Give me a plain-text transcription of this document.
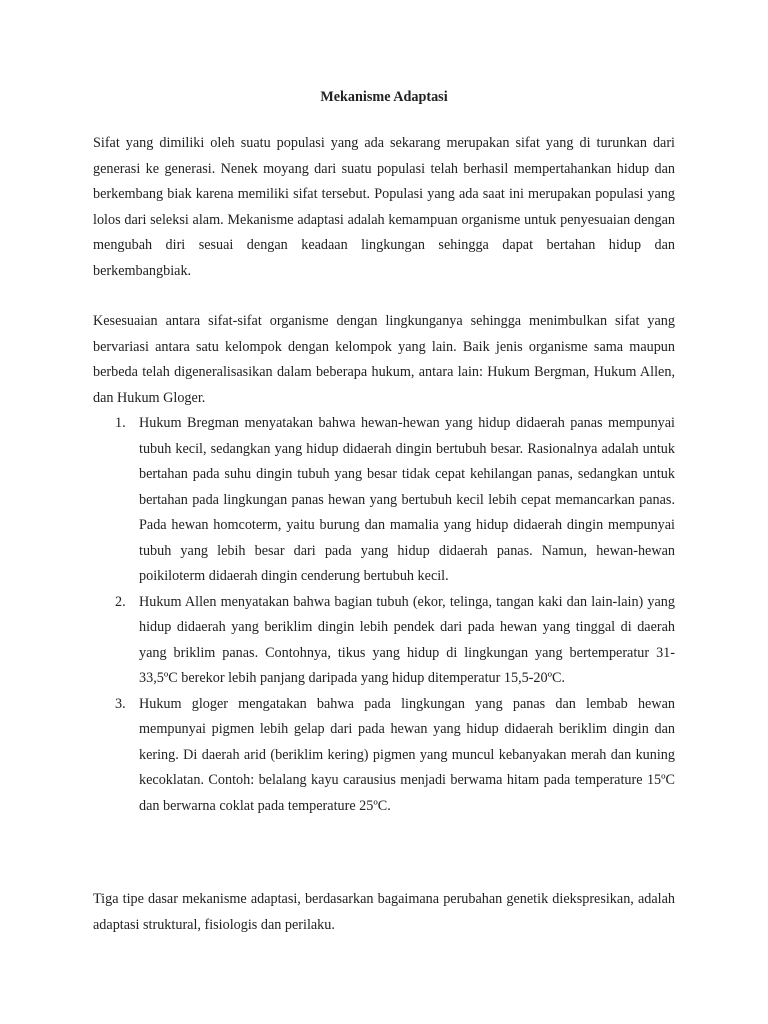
Mekanisme Adaptasi

Sifat yang dimiliki oleh suatu populasi yang ada sekarang merupakan sifat yang di turunkan dari generasi ke generasi. Nenek moyang dari suatu populasi telah berhasil mempertahankan hidup dan berkembang biak karena memiliki sifat tersebut. Populasi yang ada saat ini merupakan populasi yang lolos dari seleksi alam. Mekanisme adaptasi adalah kemampuan organisme untuk penyesuaian dengan mengubah diri sesuai dengan keadaan lingkungan sehingga dapat bertahan hidup dan berkembangbiak.

Kesesuaian antara sifat-sifat organisme dengan lingkunganya sehingga menimbulkan sifat yang bervariasi antara satu kelompok dengan kelompok yang lain. Baik jenis organisme sama maupun berbeda telah digeneralisasikan dalam beberapa hukum, antara lain: Hukum Bergman, Hukum Allen, dan Hukum Gloger.

1. Hukum Bregman menyatakan bahwa hewan-hewan yang hidup didaerah panas mempunyai tubuh kecil, sedangkan yang hidup didaerah dingin bertubuh besar. Rasionalnya adalah untuk bertahan pada suhu dingin tubuh yang besar tidak cepat kehilangan panas, sedangkan untuk bertahan pada lingkungan panas hewan yang bertubuh kecil lebih cepat memancarkan panas. Pada hewan homcoterm, yaitu burung dan mamalia yang hidup didaerah dingin mempunyai tubuh yang lebih besar dari pada yang hidup didaerah panas. Namun, hewan-hewan poikiloterm didaerah dingin cenderung bertubuh kecil.
2. Hukum Allen menyatakan bahwa bagian tubuh (ekor, telinga, tangan kaki dan lain-lain) yang hidup didaerah yang beriklim dingin lebih pendek dari pada hewan yang tinggal di daerah yang briklim panas. Contohnya, tikus yang hidup di lingkungan yang bertemperatur 31-33,5ºC berekor lebih panjang daripada yang hidup ditemperatur 15,5-20ºC.
3. Hukum gloger mengatakan bahwa pada lingkungan yang panas dan lembab hewan mempunyai pigmen lebih gelap dari pada hewan yang hidup didaerah beriklim dingin dan kering. Di daerah arid (beriklim kering) pigmen yang muncul kebanyakan merah dan kuning kecoklatan. Contoh: belalang kayu carausius menjadi berwama hitam pada temperature 15ºC dan berwarna coklat pada temperature 25ºC.

Tiga tipe dasar mekanisme adaptasi, berdasarkan bagaimana perubahan genetik diekspresikan, adalah adaptasi struktural, fisiologis dan perilaku.
